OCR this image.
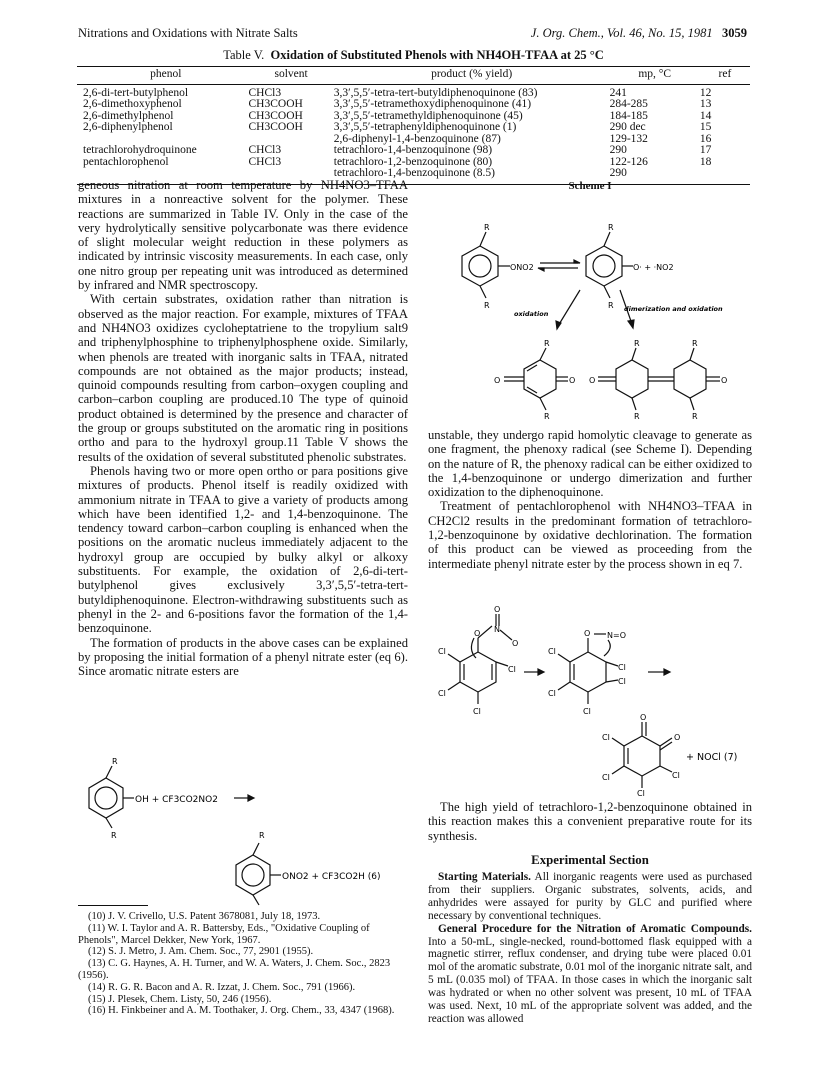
Nitrations and Oxidations with Nitrate Salts	J. Org. Chem., Vol. 46, No. 15, 1981 3059
Table V. Oxidation of Substituted Phenols with NH4OH-TFAA at 25 °C
phenol	solvent	product (% yield)	mp, °C	ref
2,6-di-tert-butylphenol	CHCl3	3,3′,5,5′-tetra-tert-butyldiphenoquinone (83)	241	12
2,6-dimethoxyphenol	CH3COOH	3,3′,5,5′-tetramethoxydiphenoquinone (41)	284-285	13
2,6-dimethylphenol	CH3COOH	3,3′,5,5′-tetramethyldiphenoquinone (45)	184-185	14
2,6-diphenylphenol	CH3COOH	3,3′,5,5′-tetraphenyldiphenoquinone (1)	290 dec	15
		2,6-diphenyl-1,4-benzoquinone (87)	129-132	16
tetrachlorohydroquinone	CHCl3	tetrachloro-1,4-benzoquinone (98)	290	17
pentachlorophenol	CHCl3	tetrachloro-1,2-benzoquinone (80)	122-126	18
		tetrachloro-1,4-benzoquinone (8.5)	290	

geneous nitration at room temperature by NH4NO3–TFAA mixtures in a nonreactive solvent for the polymer. These reactions are summarized in Table IV. Only in the case of the very hydrolytically sensitive polycarbonate was there evidence of slight molecular weight reduction in these polymers as indicated by intrinsic viscosity measurements. In each case, only one nitro group per repeating unit was introduced as determined by infrared and NMR spectroscopy.

With certain substrates, oxidation rather than nitration is observed as the major reaction. For example, mixtures of TFAA and NH4NO3 oxidizes cycloheptatriene to the tropylium salt9 and triphenylphosphine to triphenylphosphene oxide. Similarly, when phenols are treated with inorganic salts in TFAA, nitrated compounds are not obtained as the major products; instead, quinoid compounds resulting from carbon–oxygen coupling and carbon–carbon coupling are produced.10 The type of quinoid product obtained is determined by the presence and character of the group or groups substituted on the aromatic ring in positions ortho and para to the hydroxyl group.11 Table V shows the results of the oxidation of several substituted phenolic substrates.

Phenols having two or more open ortho or para positions give mixtures of products. Phenol itself is readily oxidized with ammonium nitrate in TFAA to give a variety of products among which have been identified 1,2- and 1,4-benzoquinone. The tendency toward carbon–carbon coupling is enhanced when the positions on the aromatic nucleus immediately adjacent to the hydroxyl group are occupied by bulky alkyl or alkoxy substituents. For example, the oxidation of 2,6-di-tert-butylphenol gives exclusively 3,3′,5,5′-tetra-tert-butyldiphenoquinone. Electron-withdrawing substituents such as phenyl in the 2- and 6-positions favor the formation of the 1,4-benzoquinone.

The formation of products in the above cases can be explained by proposing the initial formation of a phenyl nitrate ester (eq 6). Since aromatic nitrate esters are

R
R
OH + CF3CO2NO2
R
ONO2 + CF3CO2H (6)

(10) J. V. Crivello, U.S. Patent 3678081, July 18, 1973.

(11) W. I. Taylor and A. R. Battersby, Eds., "Oxidative Coupling of Phenols", Marcel Dekker, New York, 1967.

(12) S. J. Metro, J. Am. Chem. Soc., 77, 2901 (1955).

(13) C. G. Haynes, A. H. Turner, and W. A. Waters, J. Chem. Soc., 2823 (1956).

(14) R. G. R. Bacon and A. R. Izzat, J. Chem. Soc., 791 (1966).

(15) J. Plesek, Chem. Listy, 50, 246 (1956).

(16) H. Finkbeiner and A. M. Toothaker, J. Org. Chem., 33, 4347 (1968).

Scheme I
R
R
ONO2
R
R
O· + ·NO2
oxidation
dimerization and oxidation
R
R
O	O O	O
R
R
R
R

unstable, they undergo rapid homolytic cleavage to generate as one fragment, the phenoxy radical (see Scheme I). Depending on the nature of R, the phenoxy radical can be either oxidized to the 1,4-benzoquinone or undergo dimerization and further oxidization to the diphenoquinone.

Treatment of pentachlorophenol with NH4NO3–TFAA in CH2Cl2 results in the predominant formation of tetrachloro-1,2-benzoquinone by oxidative dechlorination. The formation of this product can be viewed as proceeding from the intermediate phenyl nitrate ester by the process shown in eq 7.

O
O N
O
Cl
Cl
Cl
Cl
O N=O
Cl
Cl
Cl
Cl
Cl
O
O
Cl
Cl	Cl
Cl
+ NOCl (7)

The high yield of tetrachloro-1,2-benzoquinone obtained in this reaction makes this a convenient preparative route for its synthesis.

Experimental Section

Starting Materials. All inorganic reagents were used as purchased from their suppliers. Organic substrates, solvents, acids, and anhydrides were assayed for purity by GLC and purified where necessary by conventional techniques.

General Procedure for the Nitration of Aromatic Compounds. Into a 50-mL, single-necked, round-bottomed flask equipped with a magnetic stirrer, reflux condenser, and drying tube were placed 0.01 mol of the aromatic substrate, 0.01 mol of the inorganic nitrate salt, and 5 mL (0.035 mol) of TFAA. In those cases in which the inorganic salt was hydrated or when no other solvent was present, 10 mL of TFAA was used. Next, 10 mL of the appropriate solvent was added, and the reaction was allowed
